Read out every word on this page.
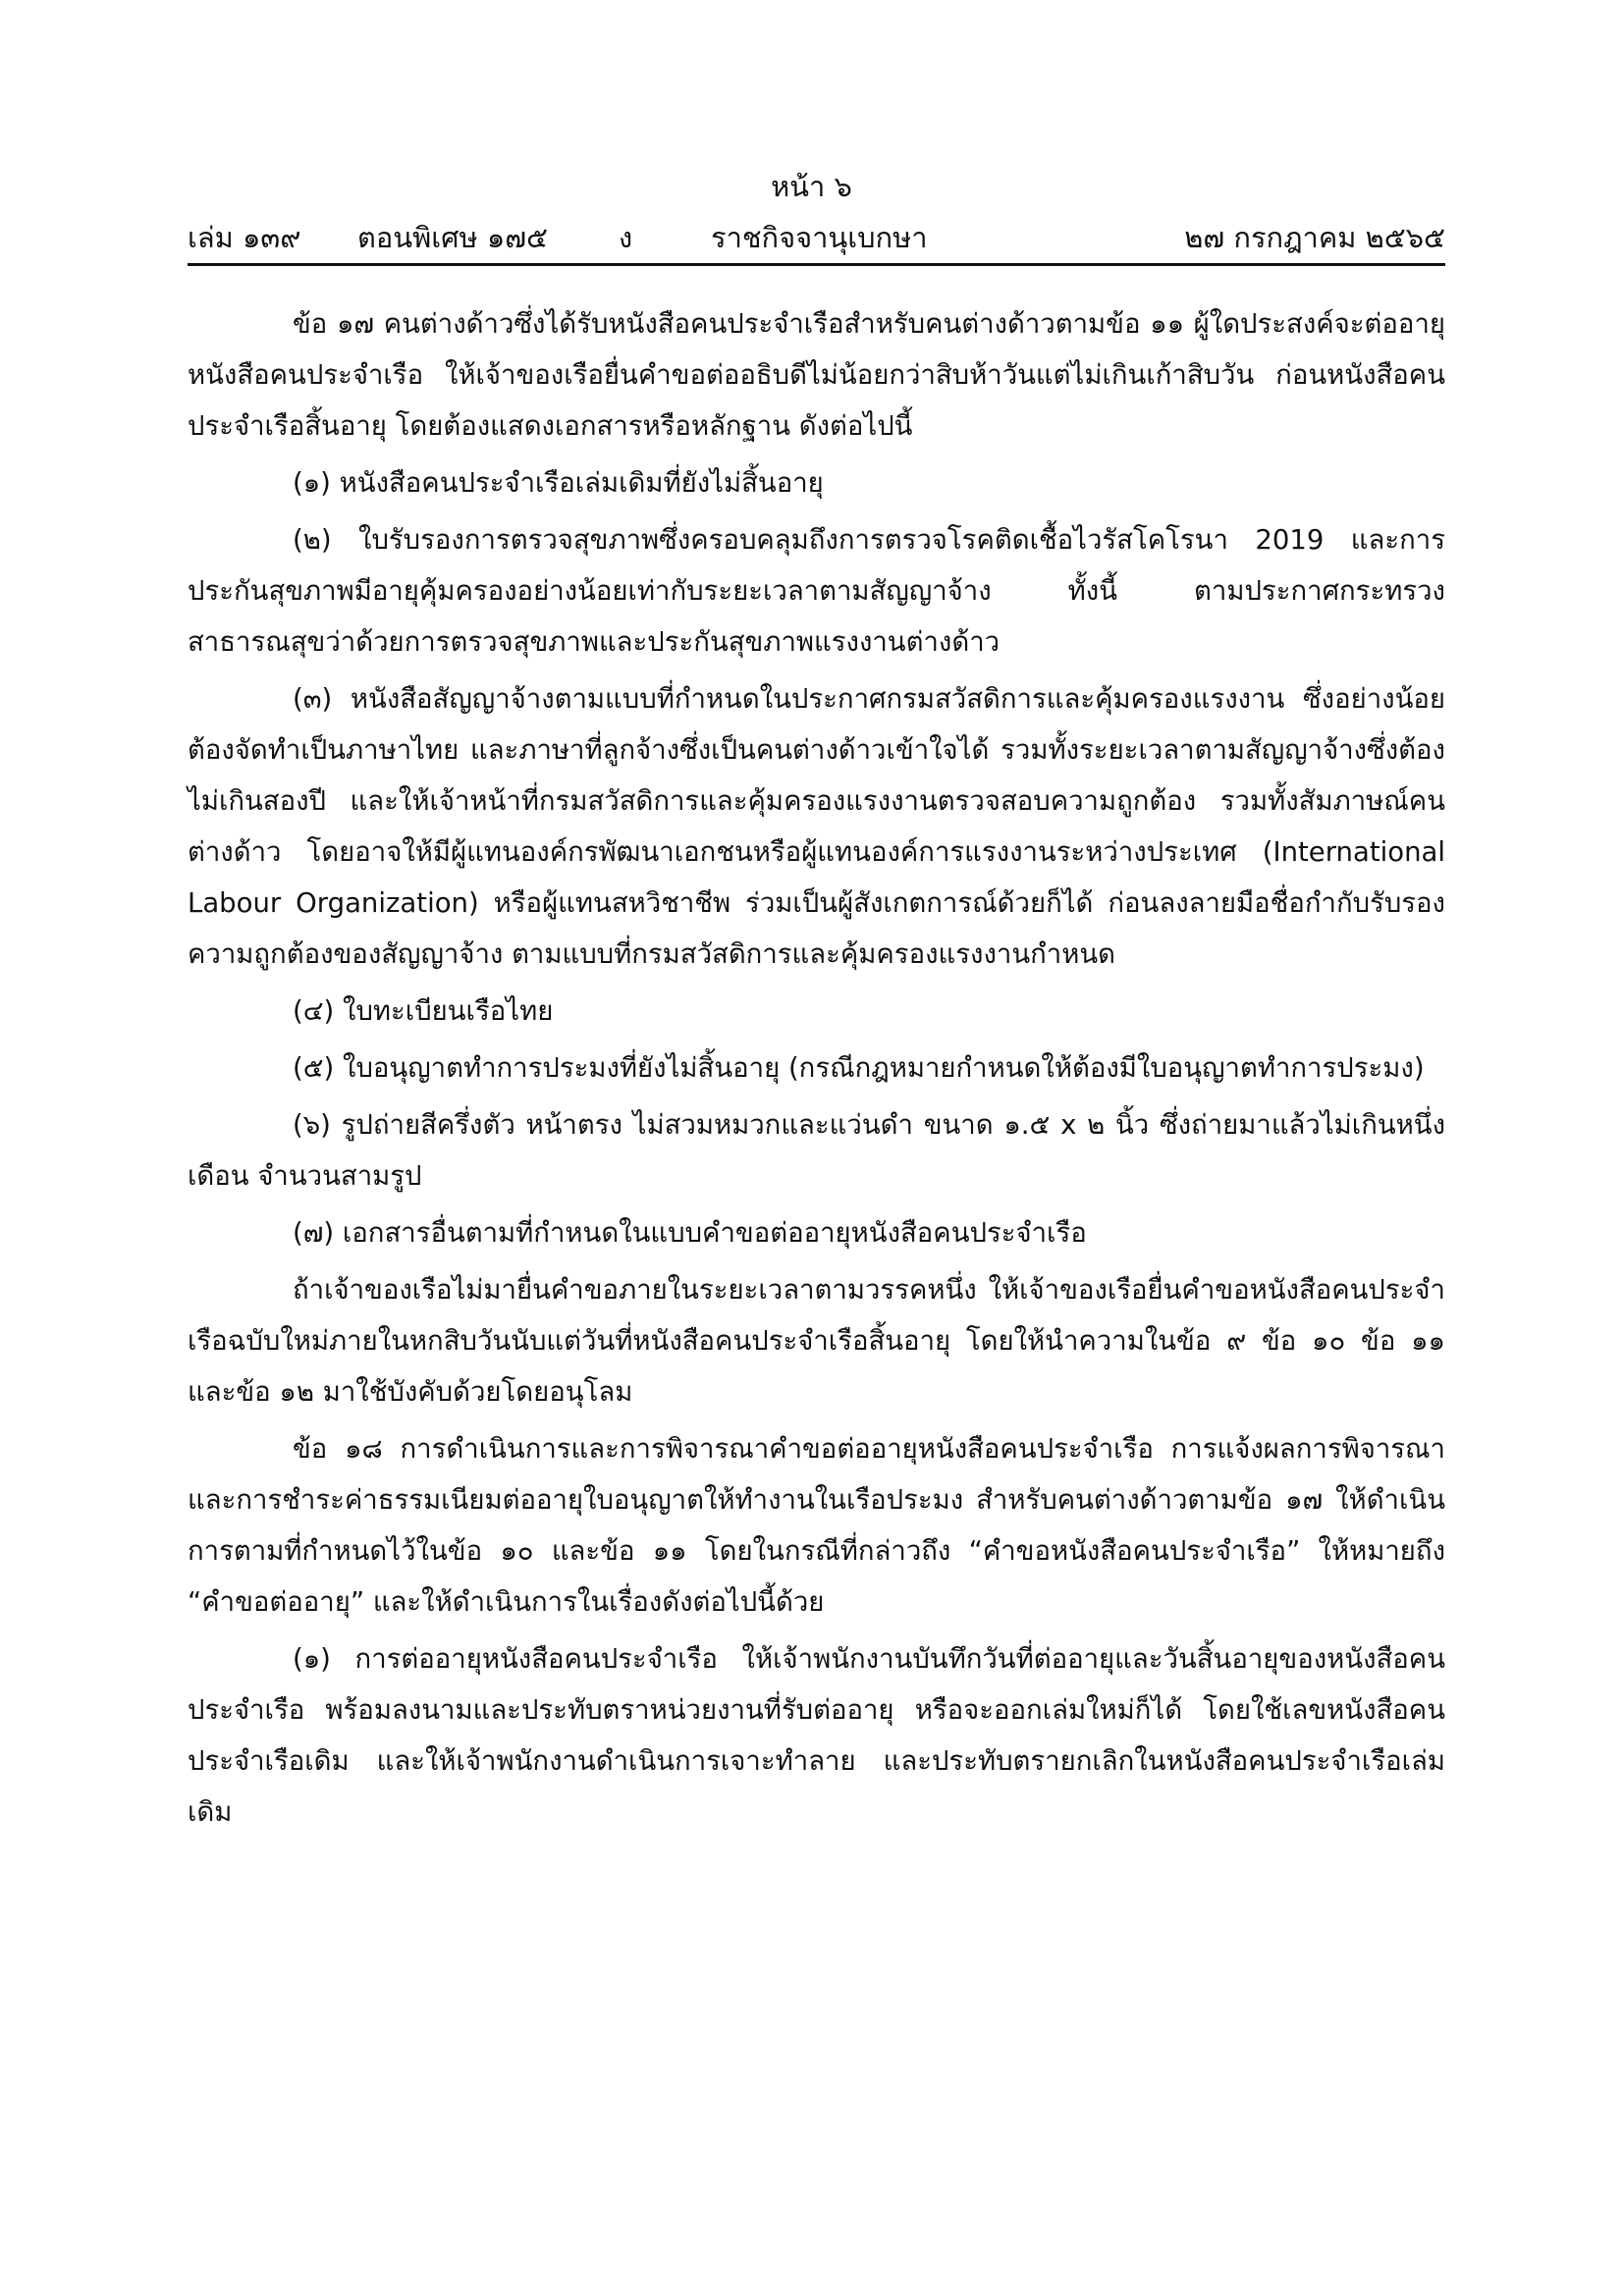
หน้า ๖
เล่ม ๑๓๙ ตอนพิเศษ ๑๗๕ ง	ราชกิจจานุเบกษา	๒๗ กรกฎาคม ๒๕๖๕

ข้อ ๑๗ คนต่างด้าวซึ่งได้รับหนังสือคนประจำเรือสำหรับคนต่างด้าวตามข้อ ๑๑ ผู้ใดประสงค์จะต่ออายุหนังสือคนประจำเรือ ให้เจ้าของเรือยื่นคำขอต่ออธิบดีไม่น้อยกว่าสิบห้าวันแต่ไม่เกินเก้าสิบวัน ก่อนหนังสือคนประจำเรือสิ้นอายุ โดยต้องแสดงเอกสารหรือหลักฐาน ดังต่อไปนี้

(๑) หนังสือคนประจำเรือเล่มเดิมที่ยังไม่สิ้นอายุ

(๒) ใบรับรองการตรวจสุขภาพซึ่งครอบคลุมถึงการตรวจโรคติดเชื้อไวรัสโคโรนา 2019 และการประกันสุขภาพมีอายุคุ้มครองอย่างน้อยเท่ากับระยะเวลาตามสัญญาจ้าง ทั้งนี้ ตามประกาศกระทรวงสาธารณสุขว่าด้วยการตรวจสุขภาพและประกันสุขภาพแรงงานต่างด้าว

(๓) หนังสือสัญญาจ้างตามแบบที่กำหนดในประกาศกรมสวัสดิการและคุ้มครองแรงงาน ซึ่งอย่างน้อยต้องจัดทำเป็นภาษาไทย และภาษาที่ลูกจ้างซึ่งเป็นคนต่างด้าวเข้าใจได้ รวมทั้งระยะเวลาตามสัญญาจ้างซึ่งต้องไม่เกินสองปี และให้เจ้าหน้าที่กรมสวัสดิการและคุ้มครองแรงงานตรวจสอบความถูกต้อง รวมทั้งสัมภาษณ์คนต่างด้าว โดยอาจให้มีผู้แทนองค์กรพัฒนาเอกชนหรือผู้แทนองค์การแรงงานระหว่างประเทศ (International Labour Organization) หรือผู้แทนสหวิชาชีพ ร่วมเป็นผู้สังเกตการณ์ด้วยก็ได้ ก่อนลงลายมือชื่อกำกับรับรองความถูกต้องของสัญญาจ้าง ตามแบบที่กรมสวัสดิการและคุ้มครองแรงงานกำหนด

(๔) ใบทะเบียนเรือไทย

(๕) ใบอนุญาตทำการประมงที่ยังไม่สิ้นอายุ (กรณีกฎหมายกำหนดให้ต้องมีใบอนุญาตทำการประมง)

(๖) รูปถ่ายสีครึ่งตัว หน้าตรง ไม่สวมหมวกและแว่นดำ ขนาด ๑.๕ x ๒ นิ้ว ซึ่งถ่ายมาแล้วไม่เกินหนึ่งเดือน จำนวนสามรูป

(๗) เอกสารอื่นตามที่กำหนดในแบบคำขอต่ออายุหนังสือคนประจำเรือ

ถ้าเจ้าของเรือไม่มายื่นคำขอภายในระยะเวลาตามวรรคหนึ่ง ให้เจ้าของเรือยื่นคำขอหนังสือคนประจำเรือฉบับใหม่ภายในหกสิบวันนับแต่วันที่หนังสือคนประจำเรือสิ้นอายุ โดยให้นำความในข้อ ๙ ข้อ ๑๐ ข้อ ๑๑ และข้อ ๑๒ มาใช้บังคับด้วยโดยอนุโลม

ข้อ ๑๘ การดำเนินการและการพิจารณาคำขอต่ออายุหนังสือคนประจำเรือ การแจ้งผลการพิจารณา และการชำระค่าธรรมเนียมต่ออายุใบอนุญาตให้ทำงานในเรือประมง สำหรับคนต่างด้าวตามข้อ ๑๗ ให้ดำเนินการตามที่กำหนดไว้ในข้อ ๑๐ และข้อ ๑๑ โดยในกรณีที่กล่าวถึง “คำขอหนังสือคนประจำเรือ” ให้หมายถึง “คำขอต่ออายุ” และให้ดำเนินการในเรื่องดังต่อไปนี้ด้วย

(๑) การต่ออายุหนังสือคนประจำเรือ ให้เจ้าพนักงานบันทึกวันที่ต่ออายุและวันสิ้นอายุของหนังสือคนประจำเรือ พร้อมลงนามและประทับตราหน่วยงานที่รับต่ออายุ หรือจะออกเล่มใหม่ก็ได้ โดยใช้เลขหนังสือคนประจำเรือเดิม และให้เจ้าพนักงานดำเนินการเจาะทำลาย และประทับตรายกเลิกในหนังสือคนประจำเรือเล่มเดิม
